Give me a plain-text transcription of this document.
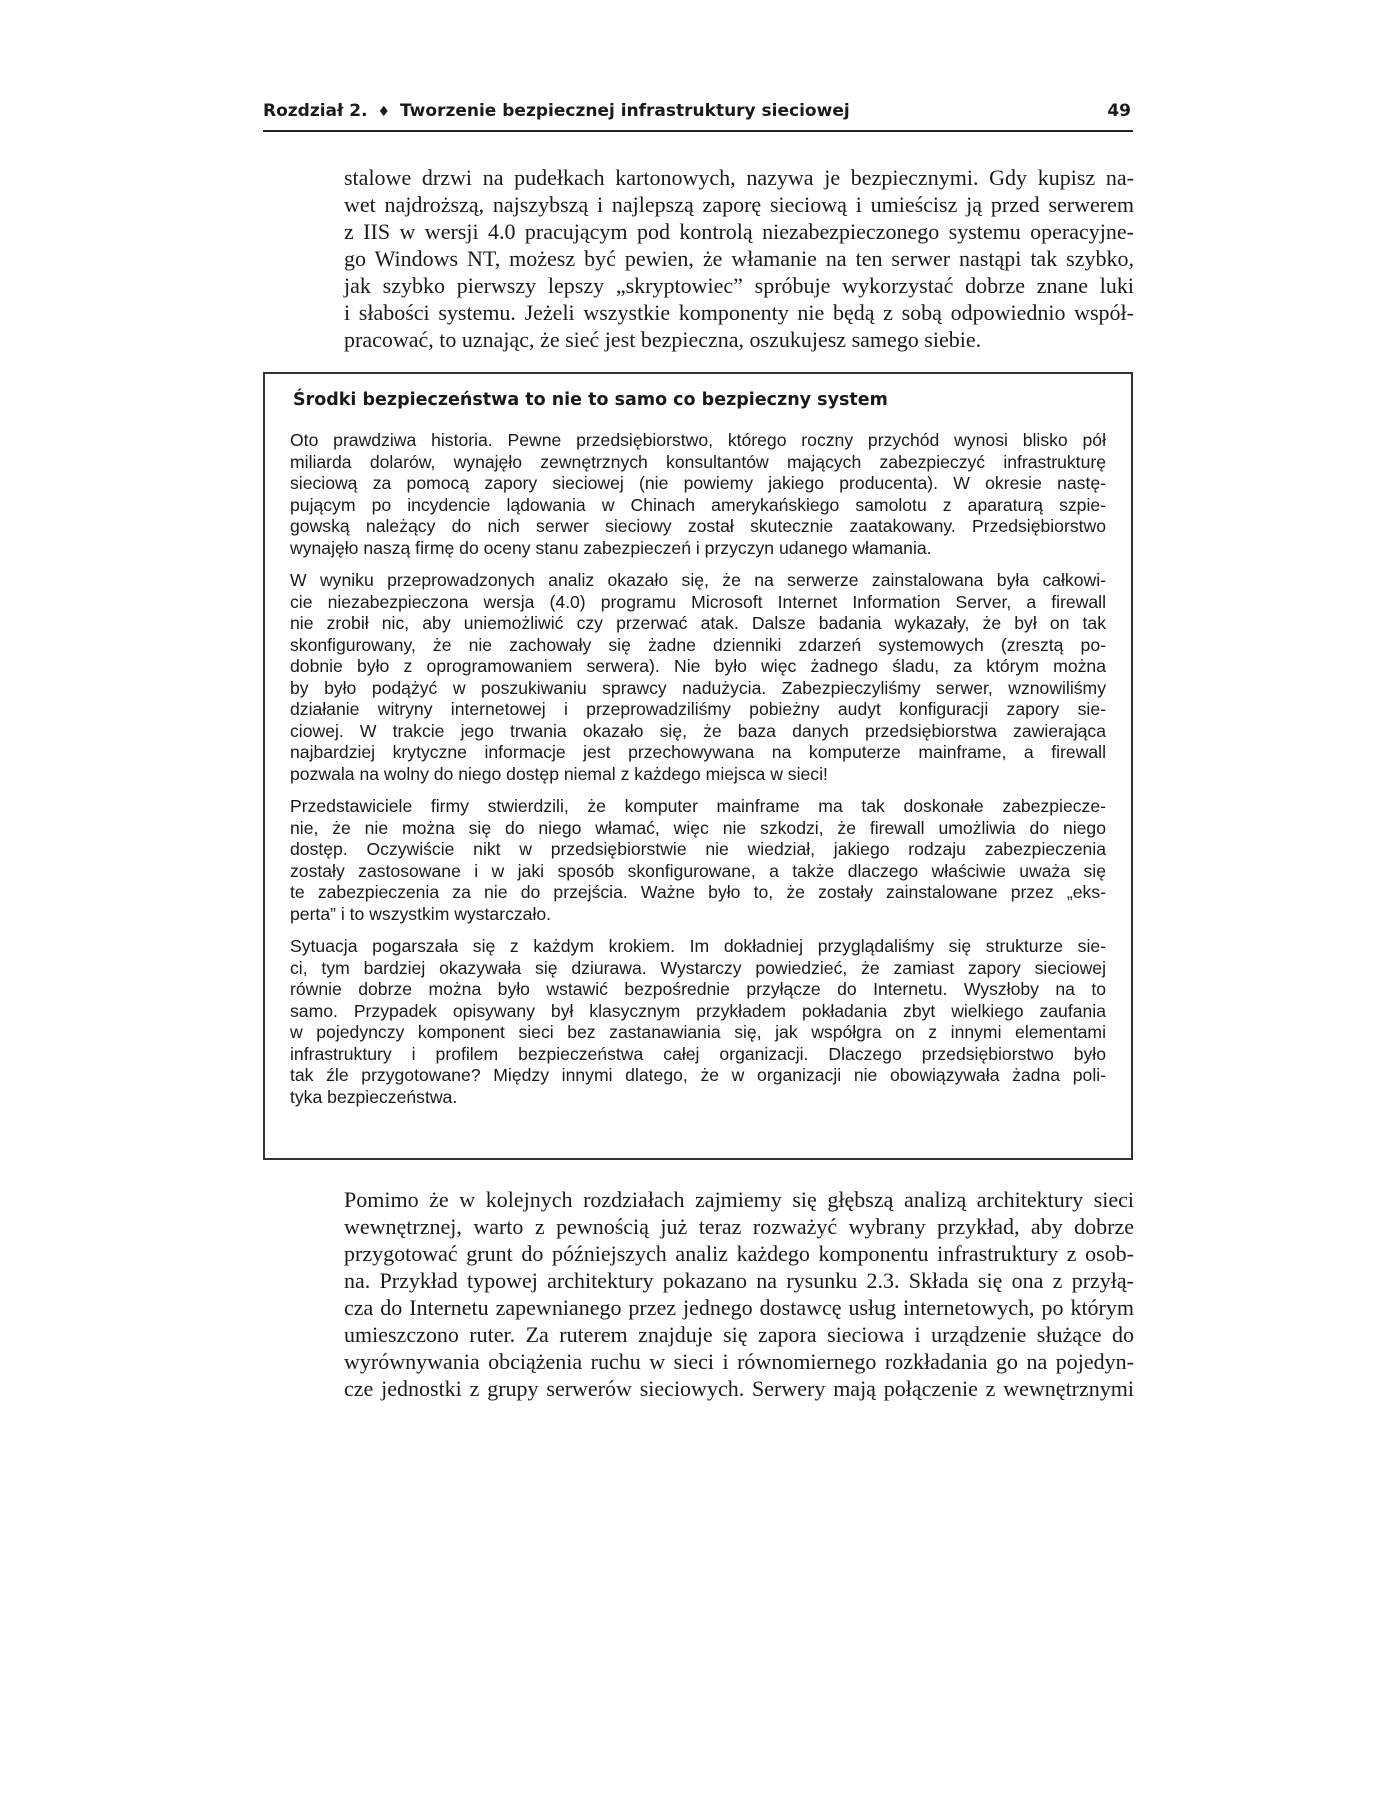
Rozdział 2. ♦ Tworzenie bezpiecznej infrastruktury sieciowej	49
stalowe drzwi na pudełkach kartonowych, nazywa je bezpiecznymi. Gdy kupisz na-
wet najdroższą, najszybszą i najlepszą zaporę sieciową i umieścisz ją przed serwerem
z IIS w wersji 4.0 pracującym pod kontrolą niezabezpieczonego systemu operacyjne-
go Windows NT, możesz być pewien, że włamanie na ten serwer nastąpi tak szybko,
jak szybko pierwszy lepszy „skryptowiec” spróbuje wykorzystać dobrze znane luki
i słabości systemu. Jeżeli wszystkie komponenty nie będą z sobą odpowiednio współ-
pracować, to uznając, że sieć jest bezpieczna, oszukujesz samego siebie.
Środki bezpieczeństwa to nie to samo co bezpieczny system
Oto prawdziwa historia. Pewne przedsiębiorstwo, którego roczny przychód wynosi blisko pół
miliarda dolarów, wynajęło zewnętrznych konsultantów mających zabezpieczyć infrastrukturę
sieciową za pomocą zapory sieciowej (nie powiemy jakiego producenta). W okresie nastę-
pującym po incydencie lądowania w Chinach amerykańskiego samolotu z aparaturą szpie-
gowską należący do nich serwer sieciowy został skutecznie zaatakowany. Przedsiębiorstwo
wynajęło naszą firmę do oceny stanu zabezpieczeń i przyczyn udanego włamania.
W wyniku przeprowadzonych analiz okazało się, że na serwerze zainstalowana była całkowi-
cie niezabezpieczona wersja (4.0) programu Microsoft Internet Information Server, a firewall
nie zrobił nic, aby uniemożliwić czy przerwać atak. Dalsze badania wykazały, że był on tak
skonfigurowany, że nie zachowały się żadne dzienniki zdarzeń systemowych (zresztą po-
dobnie było z oprogramowaniem serwera). Nie było więc żadnego śladu, za którym można
by było podążyć w poszukiwaniu sprawcy nadużycia. Zabezpieczyliśmy serwer, wznowiliśmy
działanie witryny internetowej i przeprowadziliśmy pobieżny audyt konfiguracji zapory sie-
ciowej. W trakcie jego trwania okazało się, że baza danych przedsiębiorstwa zawierająca
najbardziej krytyczne informacje jest przechowywana na komputerze mainframe, a firewall
pozwala na wolny do niego dostęp niemal z każdego miejsca w sieci!
Przedstawiciele firmy stwierdzili, że komputer mainframe ma tak doskonałe zabezpiecze-
nie, że nie można się do niego włamać, więc nie szkodzi, że firewall umożliwia do niego
dostęp. Oczywiście nikt w przedsiębiorstwie nie wiedział, jakiego rodzaju zabezpieczenia
zostały zastosowane i w jaki sposób skonfigurowane, a także dlaczego właściwie uważa się
te zabezpieczenia za nie do przejścia. Ważne było to, że zostały zainstalowane przez „eks-
perta” i to wszystkim wystarczało.
Sytuacja pogarszała się z każdym krokiem. Im dokładniej przyglądaliśmy się strukturze sie-
ci, tym bardziej okazywała się dziurawa. Wystarczy powiedzieć, że zamiast zapory sieciowej
równie dobrze można było wstawić bezpośrednie przyłącze do Internetu. Wyszłoby na to
samo. Przypadek opisywany był klasycznym przykładem pokładania zbyt wielkiego zaufania
w pojedynczy komponent sieci bez zastanawiania się, jak współgra on z innymi elementami
infrastruktury i profilem bezpieczeństwa całej organizacji. Dlaczego przedsiębiorstwo było
tak źle przygotowane? Między innymi dlatego, że w organizacji nie obowiązywała żadna poli-
tyka bezpieczeństwa.
Pomimo że w kolejnych rozdziałach zajmiemy się głębszą analizą architektury sieci
wewnętrznej, warto z pewnością już teraz rozważyć wybrany przykład, aby dobrze
przygotować grunt do późniejszych analiz każdego komponentu infrastruktury z osob-
na. Przykład typowej architektury pokazano na rysunku 2.3. Składa się ona z przyłą-
cza do Internetu zapewnianego przez jednego dostawcę usług internetowych, po którym
umieszczono ruter. Za ruterem znajduje się zapora sieciowa i urządzenie służące do
wyrównywania obciążenia ruchu w sieci i równomiernego rozkładania go na pojedyn-
cze jednostki z grupy serwerów sieciowych. Serwery mają połączenie z wewnętrznymi
